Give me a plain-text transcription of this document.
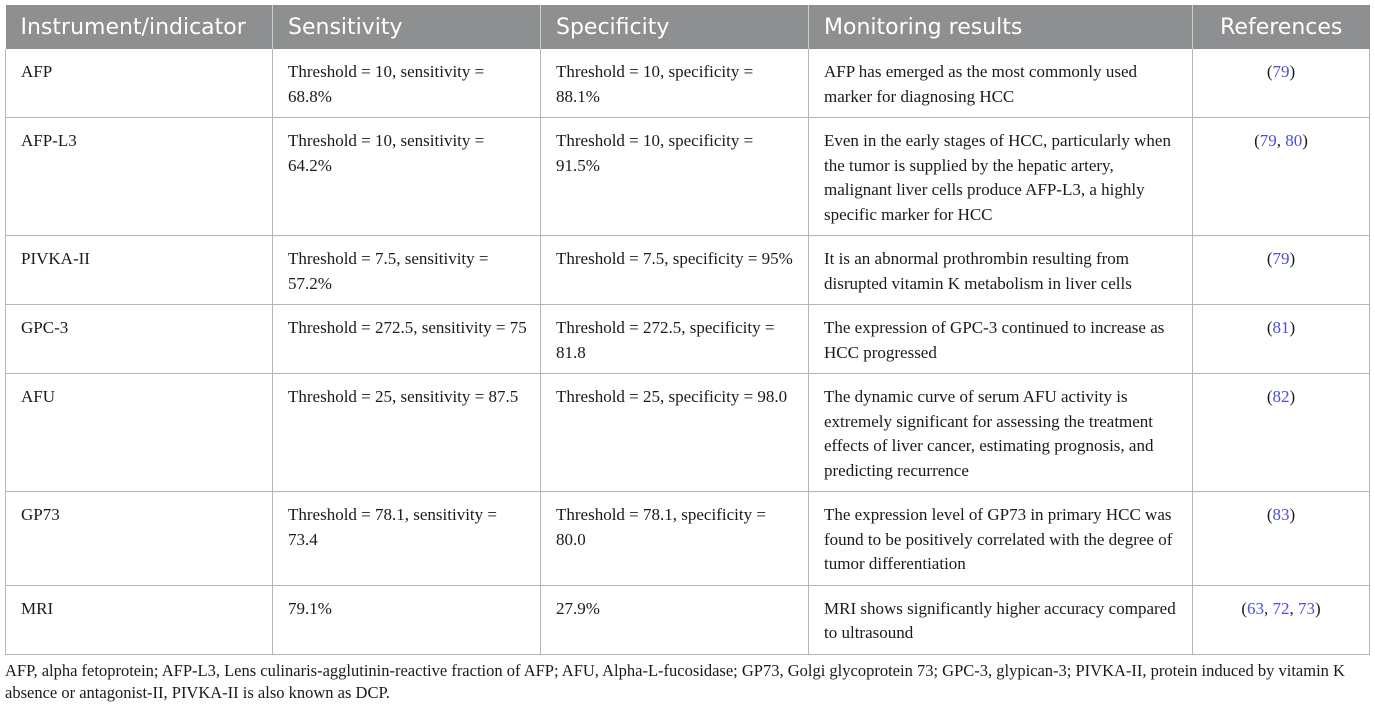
Instrument/indicator	Sensitivity	Specificity	Monitoring results	References
AFP	Threshold = 10, sensitivity = 68.8%	Threshold = 10, specificity = 88.1%	AFP has emerged as the most commonly used marker for diagnosing HCC	(79)
AFP-L3	Threshold = 10, sensitivity = 64.2%	Threshold = 10, specificity = 91.5%	Even in the early stages of HCC, particularly when the tumor is supplied by the hepatic artery, malignant liver cells produce AFP-L3, a highly specific marker for HCC	(79, 80)
PIVKA-II	Threshold = 7.5, sensitivity = 57.2%	Threshold = 7.5, specificity = 95%	It is an abnormal prothrombin resulting from disrupted vitamin K metabolism in liver cells	(79)
GPC-3	Threshold = 272.5, sensitivity = 75	Threshold = 272.5, specificity = 81.8	The expression of GPC-3 continued to increase as HCC progressed	(81)
AFU	Threshold = 25, sensitivity = 87.5	Threshold = 25, specificity = 98.0	The dynamic curve of serum AFU activity is extremely significant for assessing the treatment effects of liver cancer, estimating prognosis, and predicting recurrence	(82)
GP73	Threshold = 78.1, sensitivity = 73.4	Threshold = 78.1, specificity = 80.0	The expression level of GP73 in primary HCC was found to be positively correlated with the degree of tumor differentiation	(83)
MRI	79.1%	27.9%	MRI shows significantly higher accuracy compared to ultrasound	(63, 72, 73)
AFP, alpha fetoprotein; AFP-L3, Lens culinaris-agglutinin-reactive fraction of AFP; AFU, Alpha-L-fucosidase; GP73, Golgi glycoprotein 73; GPC-3, glypican-3; PIVKA-II, protein induced by vitamin K absence or antagonist-II, PIVKA-II is also known as DCP.
